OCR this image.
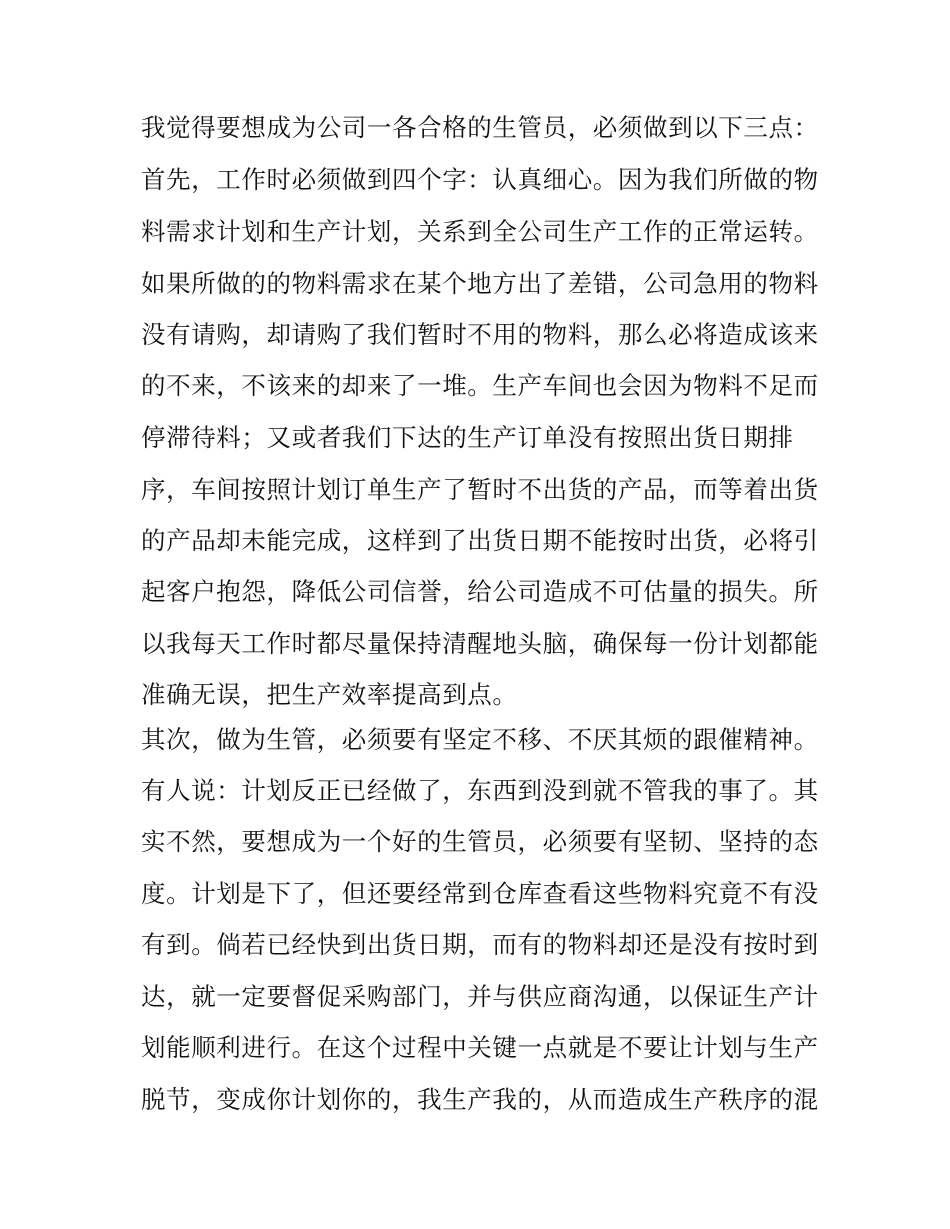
我觉得要想成为公司一各合格的生管员，必须做到以下三点：
首先，工作时必须做到四个字：认真细心。因为我们所做的物
料需求计划和生产计划，关系到全公司生产工作的正常运转。
如果所做的的物料需求在某个地方出了差错，公司急用的物料
没有请购，却请购了我们暂时不用的物料，那么必将造成该来
的不来，不该来的却来了一堆。生产车间也会因为物料不足而
停滞待料；又或者我们下达的生产订单没有按照出货日期排
序，车间按照计划订单生产了暂时不出货的产品，而等着出货
的产品却未能完成，这样到了出货日期不能按时出货，必将引
起客户抱怨，降低公司信誉，给公司造成不可估量的损失。所
以我每天工作时都尽量保持清醒地头脑，确保每一份计划都能
准确无误，把生产效率提高到点。
其次，做为生管，必须要有坚定不移、不厌其烦的跟催精神。
有人说：计划反正已经做了，东西到没到就不管我的事了。其
实不然，要想成为一个好的生管员，必须要有坚韧、坚持的态
度。计划是下了，但还要经常到仓库查看这些物料究竟不有没
有到。倘若已经快到出货日期，而有的物料却还是没有按时到
达，就一定要督促采购部门，并与供应商沟通，以保证生产计
划能顺利进行。在这个过程中关键一点就是不要让计划与生产
脱节，变成你计划你的，我生产我的，从而造成生产秩序的混
